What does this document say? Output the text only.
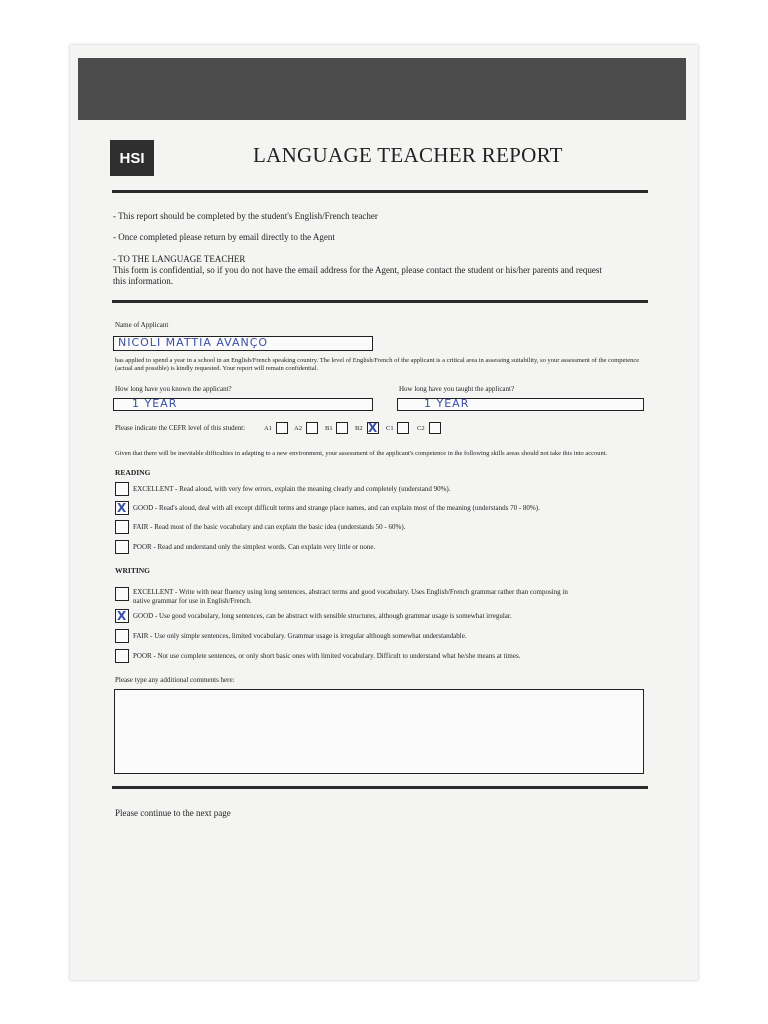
HSI	LANGUAGE TEACHER REPORT
- This report should be completed by the student's English/French teacher
- Once completed please return by email directly to the Agent
- TO THE LANGUAGE TEACHER
This form is confidential, so if you do not have the email address for the Agent, please contact the student or his/her parents and request
this information.
Name of Applicant
NICOLI MATTIA AVANÇO
has applied to spend a year in a school in an English/French speaking country. The level of English/French of the applicant is a critical area in assessing suitability, so your assessment of the competence (actual and possible) is kindly requested. Your report will remain confidential.
How long have you known the applicant?	How long have you taught the applicant?
1 YEAR	1 YEAR
Please indicate the CEFR level of this student:	A1	A2	B1	B2 X C1	C2
Given that there will be inevitable difficulties in adapting to a new environment, your assessment of the applicant's competence in the following skills areas should not take this into account.
READING
EXCELLENT - Read aloud, with very few errors, explain the meaning clearly and completely (understand 90%).
X GOOD - Read's aloud, deal with all except difficult terms and strange place names, and can explain most of the meaning (understands 70 - 80%).
FAIR - Read most of the basic vocabulary and can explain the basic idea (understands 50 - 60%).
POOR - Read and understand only the simplest words. Can explain very little or none.
WRITING
EXCELLENT - Write with near fluency using long sentences, abstract terms and good vocabulary. Uses English/French grammar rather than composing in
native grammar for use in English/French.
X GOOD - Use good vocabulary, long sentences, can be abstract with sensible structures, although grammar usage is somewhat irregular.
FAIR - Use only simple sentences, limited vocabulary. Grammar usage is irregular although somewhat understandable.
POOR - Not use complete sentences, or only short basic ones with limited vocabulary. Difficult to understand what he/she means at times.
Please type any additional comments here:
Please continue to the next page
